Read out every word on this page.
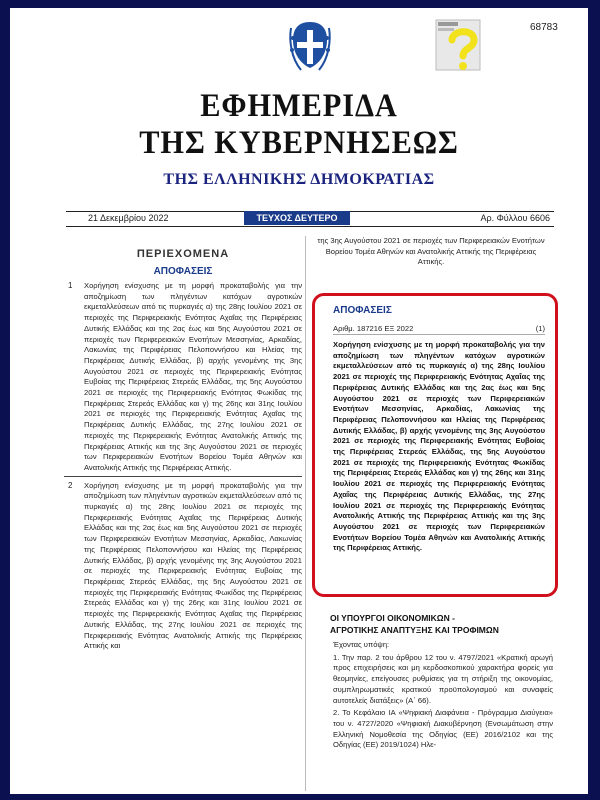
68783
ΕΦΗΜΕΡΙΔΑ
ΤΗΣ ΚΥΒΕΡΝΗΣΕΩΣ
ΤΗΣ ΕΛΛΗΝΙΚΗΣ ΔΗΜΟΚΡΑΤΙΑΣ
21 Δεκεμβρίου 2022	ΤΕΥΧΟΣ ΔΕΥΤΕΡΟ	Αρ. Φύλλου 6606
ΠΕΡΙΕΧΟΜΕΝΑ
ΑΠΟΦΑΣΕΙΣ
1 Χορήγηση ενίσχυσης με τη μορφή προκαταβολής για την αποζημίωση των πληγέντων κατόχων αγροτικών εκμεταλλεύσεων από τις πυρκαγιές α) της 28ης Ιουλίου 2021 σε περιοχές της Περιφερειακής Ενότητας Αχαΐας της Περιφέρειας Δυτικής Ελλάδας και της 2ας έως και 5ης Αυγούστου 2021 σε περιοχές των Περιφερειακών Ενοτήτων Μεσσηνίας, Αρκαδίας, Λακωνίας της Περιφέρειας Πελοποννήσου και Ηλείας της Περιφέρειας Δυτικής Ελλάδας, β) αρχής γενομένης της 3ης Αυγούστου 2021 σε περιοχές της Περιφερειακής Ενότητας Ευβοίας της Περιφέρειας Στερεάς Ελλάδας, της 5ης Αυγούστου 2021 σε περιοχές της Περιφερειακής Ενότητας Φωκίδας της Περιφέρειας Στερεάς Ελλάδας και γ) της 26ης και 31ης Ιουλίου 2021 σε περιοχές της Περιφερειακής Ενότητας Αχαΐας της Περιφέρειας Δυτικής Ελλάδας, της 27ης Ιουλίου 2021 σε περιοχές της Περιφερειακής Ενότητας Ανατολικής Αττικής της Περιφέρειας Αττικής και της 3ης Αυγούστου 2021 σε περιοχές των Περιφερειακών Ενοτήτων Βορείου Τομέα Αθηνών και Ανατολικής Αττικής της Περιφέρειας Αττικής.
2 Χορήγηση ενίσχυσης με τη μορφή προκαταβολής για την αποζημίωση των πληγέντων αγροτικών εκμεταλλεύσεων από τις πυρκαγιές α) της 28ης Ιουλίου 2021 σε περιοχές της Περιφερειακής Ενότητας Αχαΐας της Περιφέρειας Δυτικής Ελλάδας και της 2ας έως και 5ης Αυγούστου 2021 σε περιοχές των Περιφερειακών Ενοτήτων Μεσσηνίας, Αρκαδίας, Λακωνίας της Περιφέρειας Πελοποννήσου και Ηλείας της Περιφέρειας Δυτικής Ελλάδας, β) αρχής γενομένης της 3ης Αυγούστου 2021 σε περιοχές της Περιφερειακής Ενότητας Ευβοίας της Περιφέρειας Στερεάς Ελλάδας, της 5ης Αυγούστου 2021 σε περιοχές της Περιφερειακής Ενότητας Φωκίδας της Περιφέρειας Στερεάς Ελλάδας και γ) της 26ης και 31ης Ιουλίου 2021 σε περιοχές της Περιφερειακής Ενότητας Αχαΐας της Περιφέρειας Δυτικής Ελλάδας, της 27ης Ιουλίου 2021 σε περιοχές της Περιφερειακής Ενότητας Ανατολικής Αττικής της Περιφέρειας Αττικής και
της 3ης Αυγούστου 2021 σε περιοχές των Περιφερειακών Ενοτήτων Βορείου Τομέα Αθηνών και Ανατολικής Αττικής της Περιφέρειας Αττικής.
ΑΠΟΦΑΣΕΙΣ
Αριθμ. 187216 ΕΞ 2022	(1)
Χορήγηση ενίσχυσης με τη μορφή προκαταβολής για την αποζημίωση των πληγέντων κατόχων αγροτικών εκμεταλλεύσεων από τις πυρκαγιές α) της 28ης Ιουλίου 2021 σε περιοχές της Περιφερειακής Ενότητας Αχαΐας της Περιφέρειας Δυτικής Ελλάδας και της 2ας έως και 5ης Αυγούστου 2021 σε περιοχές των Περιφερειακών Ενοτήτων Μεσσηνίας, Αρκαδίας, Λακωνίας της Περιφέρειας Πελοποννήσου και Ηλείας της Περιφέρειας Δυτικής Ελλάδας, β) αρχής γενομένης της 3ης Αυγούστου 2021 σε περιοχές της Περιφερειακής Ενότητας Ευβοίας της Περιφέρειας Στερεάς Ελλάδας, της 5ης Αυγούστου 2021 σε περιοχές της Περιφερειακής Ενότητας Φωκίδας της Περιφέρειας Στερεάς Ελλάδας και γ) της 26ης και 31ης Ιουλίου 2021 σε περιοχές της Περιφερειακής Ενότητας Αχαΐας της Περιφέρειας Δυτικής Ελλάδας, της 27ης Ιουλίου 2021 σε περιοχές της Περιφερειακής Ενότητας Ανατολικής Αττικής της Περιφέρειας Αττικής και της 3ης Αυγούστου 2021 σε περιοχές των Περιφερειακών Ενοτήτων Βορείου Τομέα Αθηνών και Ανατολικής Αττικής της Περιφέρειας Αττικής.
ΟΙ ΥΠΟΥΡΓΟΙ ΟΙΚΟΝΟΜΙΚΩΝ -
ΑΓΡΟΤΙΚΗΣ ΑΝΑΠΤΥΞΗΣ ΚΑΙ ΤΡΟΦΙΜΩΝ

Έχοντας υπόψη:

1. Την παρ. 2 του άρθρου 12 του ν. 4797/2021 «Κρατική αρωγή προς επιχειρήσεις και μη κερδοσκοπικού χαρακτήρα φορείς για θεομηνίες, επείγουσες ρυθμίσεις για τη στήριξη της οικονομίας, συμπληρωματικές κρατικού προϋπολογισμού και συναφείς αυτοτελείς διατάξεις» (Α΄ 66).

2. Το Κεφάλαιο ΙΑ «Ψηφιακή Διαφάνεια - Πρόγραμμα Διαύγεια» του ν. 4727/2020 «Ψηφιακή Διακυβέρνηση (Ενσωμάτωση στην Ελληνική Νομοθεσία της Οδηγίας (ΕΕ) 2016/2102 και της Οδηγίας (ΕΕ) 2019/1024) Ηλε-
